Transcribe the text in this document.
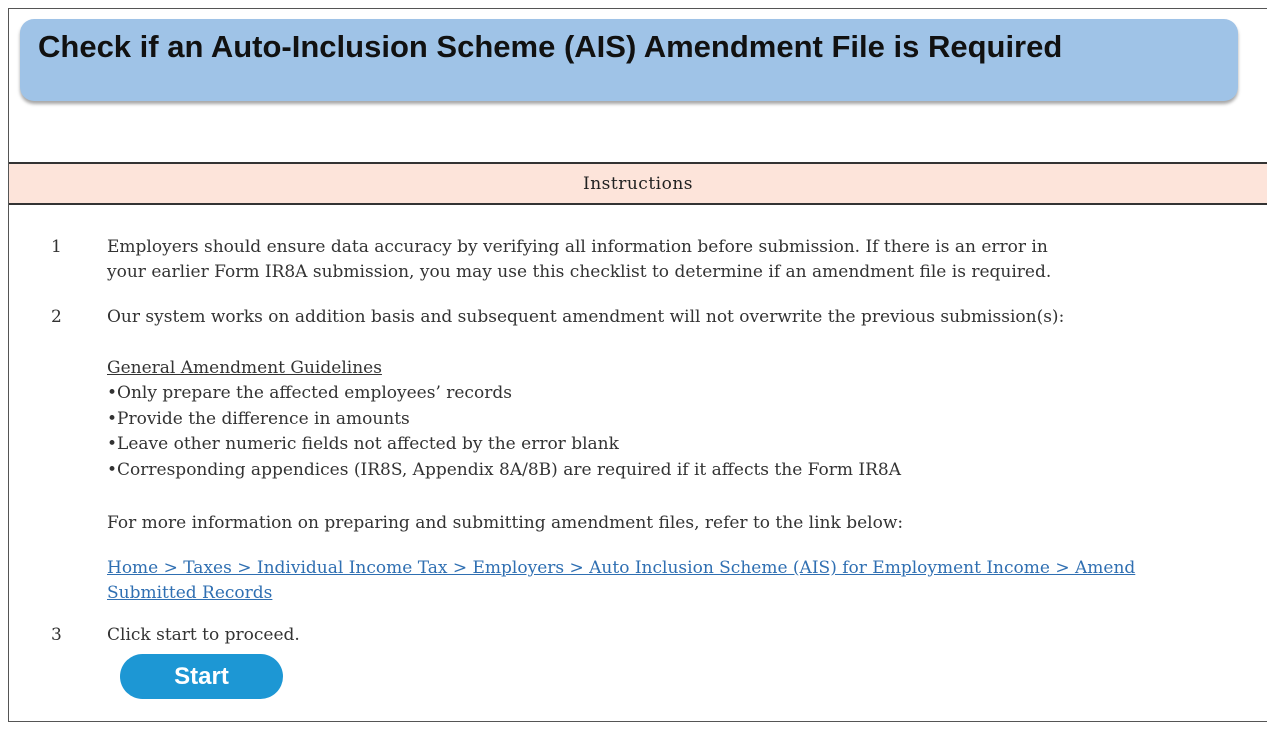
Check if an Auto-Inclusion Scheme (AIS) Amendment File is Required
Instructions
1	Employers should ensure data accuracy by verifying all information before submission. If there is an error in
your earlier Form IR8A submission, you may use this checklist to determine if an amendment file is required.
2	Our system works on addition basis and subsequent amendment will not overwrite the previous submission(s):
General Amendment Guidelines
• Only prepare the affected employees’ records
• Provide the difference in amounts
• Leave other numeric fields not affected by the error blank
• Corresponding appendices (IR8S, Appendix 8A/8B) are required if it affects the Form IR8A
For more information on preparing and submitting amendment files, refer to the link below:
Home > Taxes > Individual Income Tax > Employers > Auto Inclusion Scheme (AIS) for Employment Income > Amend
Submitted Records
3	Click start to proceed.
Start
